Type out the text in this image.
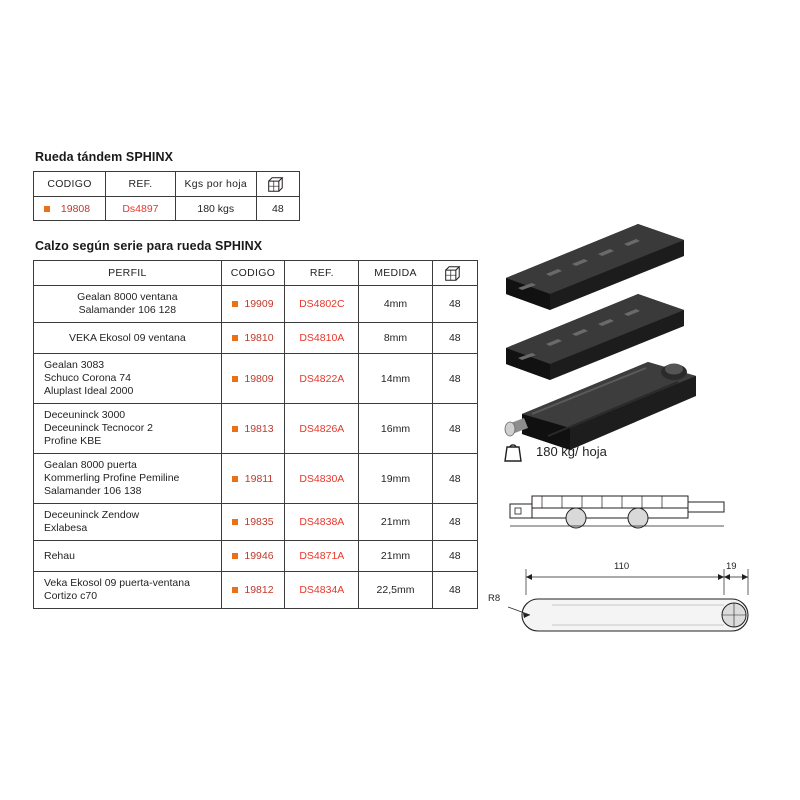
Rueda tándem SPHINX
CODIGO	REF.	Kgs por hoja	

19808	Ds4897	180 kgs	48
Calzo según serie para rueda SPHINX
PERFIL	CODIGO	REF.	MEDIDA	

Gealan 8000 ventana
Salamander 106 128	19909	DS4802C	4mm	48

VEKA Ekosol 09 ventana	19810	DS4810A	8mm	48

Gealan 3083
Schuco Corona 74
Aluplast Ideal 2000	19809	DS4822A	14mm	48

Deceuninck 3000
Deceuninck Tecnocor 2
Profine KBE	19813	DS4826A	16mm	48

Gealan 8000 puerta
Kommerling Profine Pemiline
Salamander 106 138	19811	DS4830A	19mm	48

Deceuninck Zendow
Exlabesa	19835	DS4838A	21mm	48

Rehau	19946	DS4871A	21mm	48

Veka Ekosol 09 puerta-ventana
Cortizo c70	19812	DS4834A	22,5mm	48
180 kg/ hoja
R8
110	19
